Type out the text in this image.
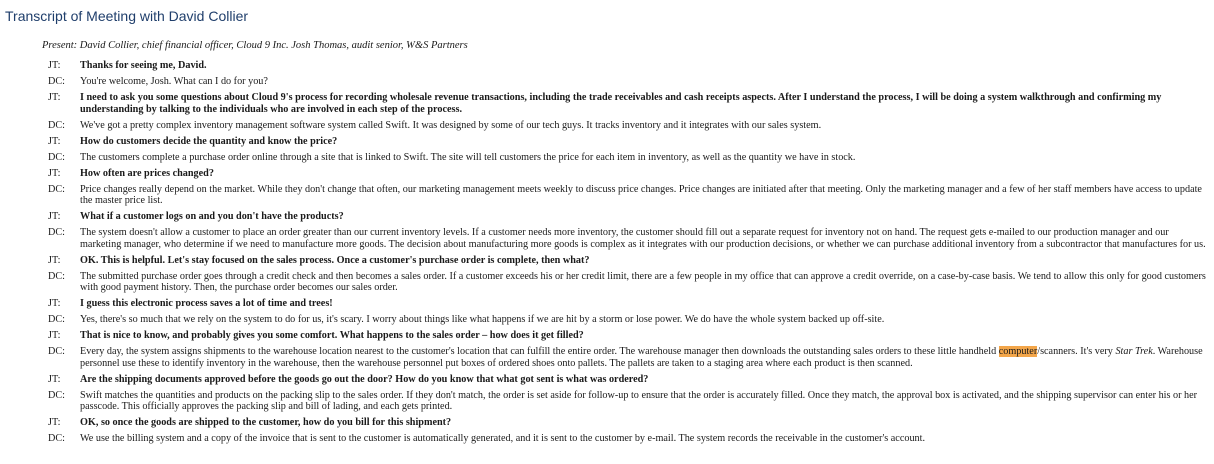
Transcript of Meeting with David Collier
Present: David Collier, chief financial officer, Cloud 9 Inc. Josh Thomas, audit senior, W&S Partners
JT:	Thanks for seeing me, David.
DC:	You're welcome, Josh. What can I do for you?
JT:	I need to ask you some questions about Cloud 9's process for recording wholesale revenue transactions, including the trade receivables and cash receipts aspects. After I understand the process, I will be doing a system walkthrough and confirming my understanding by talking to the individuals who are involved in each step of the process.
DC:	We've got a pretty complex inventory management software system called Swift. It was designed by some of our tech guys. It tracks inventory and it integrates with our sales system.
JT:	How do customers decide the quantity and know the price?
DC:	The customers complete a purchase order online through a site that is linked to Swift. The site will tell customers the price for each item in inventory, as well as the quantity we have in stock.
JT:	How often are prices changed?
DC:	Price changes really depend on the market. While they don't change that often, our marketing management meets weekly to discuss price changes. Price changes are initiated after that meeting. Only the marketing manager and a few of her staff members have access to update the master price list.
JT:	What if a customer logs on and you don't have the products?
DC:	The system doesn't allow a customer to place an order greater than our current inventory levels. If a customer needs more inventory, the customer should fill out a separate request for inventory not on hand. The request gets e-mailed to our production manager and our marketing manager, who determine if we need to manufacture more goods. The decision about manufacturing more goods is complex as it integrates with our production decisions, or whether we can purchase additional inventory from a subcontractor that manufactures for us.
JT:	OK. This is helpful. Let's stay focused on the sales process. Once a customer's purchase order is complete, then what?
DC:	The submitted purchase order goes through a credit check and then becomes a sales order. If a customer exceeds his or her credit limit, there are a few people in my office that can approve a credit override, on a case-by-case basis. We tend to allow this only for good customers with good payment history. Then, the purchase order becomes our sales order.
JT:	I guess this electronic process saves a lot of time and trees!
DC:	Yes, there's so much that we rely on the system to do for us, it's scary. I worry about things like what happens if we are hit by a storm or lose power. We do have the whole system backed up off-site.
JT:	That is nice to know, and probably gives you some comfort. What happens to the sales order – how does it get filled?
DC:	Every day, the system assigns shipments to the warehouse location nearest to the customer's location that can fulfill the entire order. The warehouse manager then downloads the outstanding sales orders to these little handheld computer/scanners. It's very Star Trek. Warehouse personnel use these to identify inventory in the warehouse, then the warehouse personnel put boxes of ordered shoes onto pallets. The pallets are taken to a staging area where each product is then scanned.
JT:	Are the shipping documents approved before the goods go out the door? How do you know that what got sent is what was ordered?
DC:	Swift matches the quantities and products on the packing slip to the sales order. If they don't match, the order is set aside for follow-up to ensure that the order is accurately filled. Once they match, the approval box is activated, and the shipping supervisor can enter his or her passcode. This officially approves the packing slip and bill of lading, and each gets printed.
JT:	OK, so once the goods are shipped to the customer, how do you bill for this shipment?
DC:	We use the billing system and a copy of the invoice that is sent to the customer is automatically generated, and it is sent to the customer by e-mail. The system records the receivable in the customer's account.
